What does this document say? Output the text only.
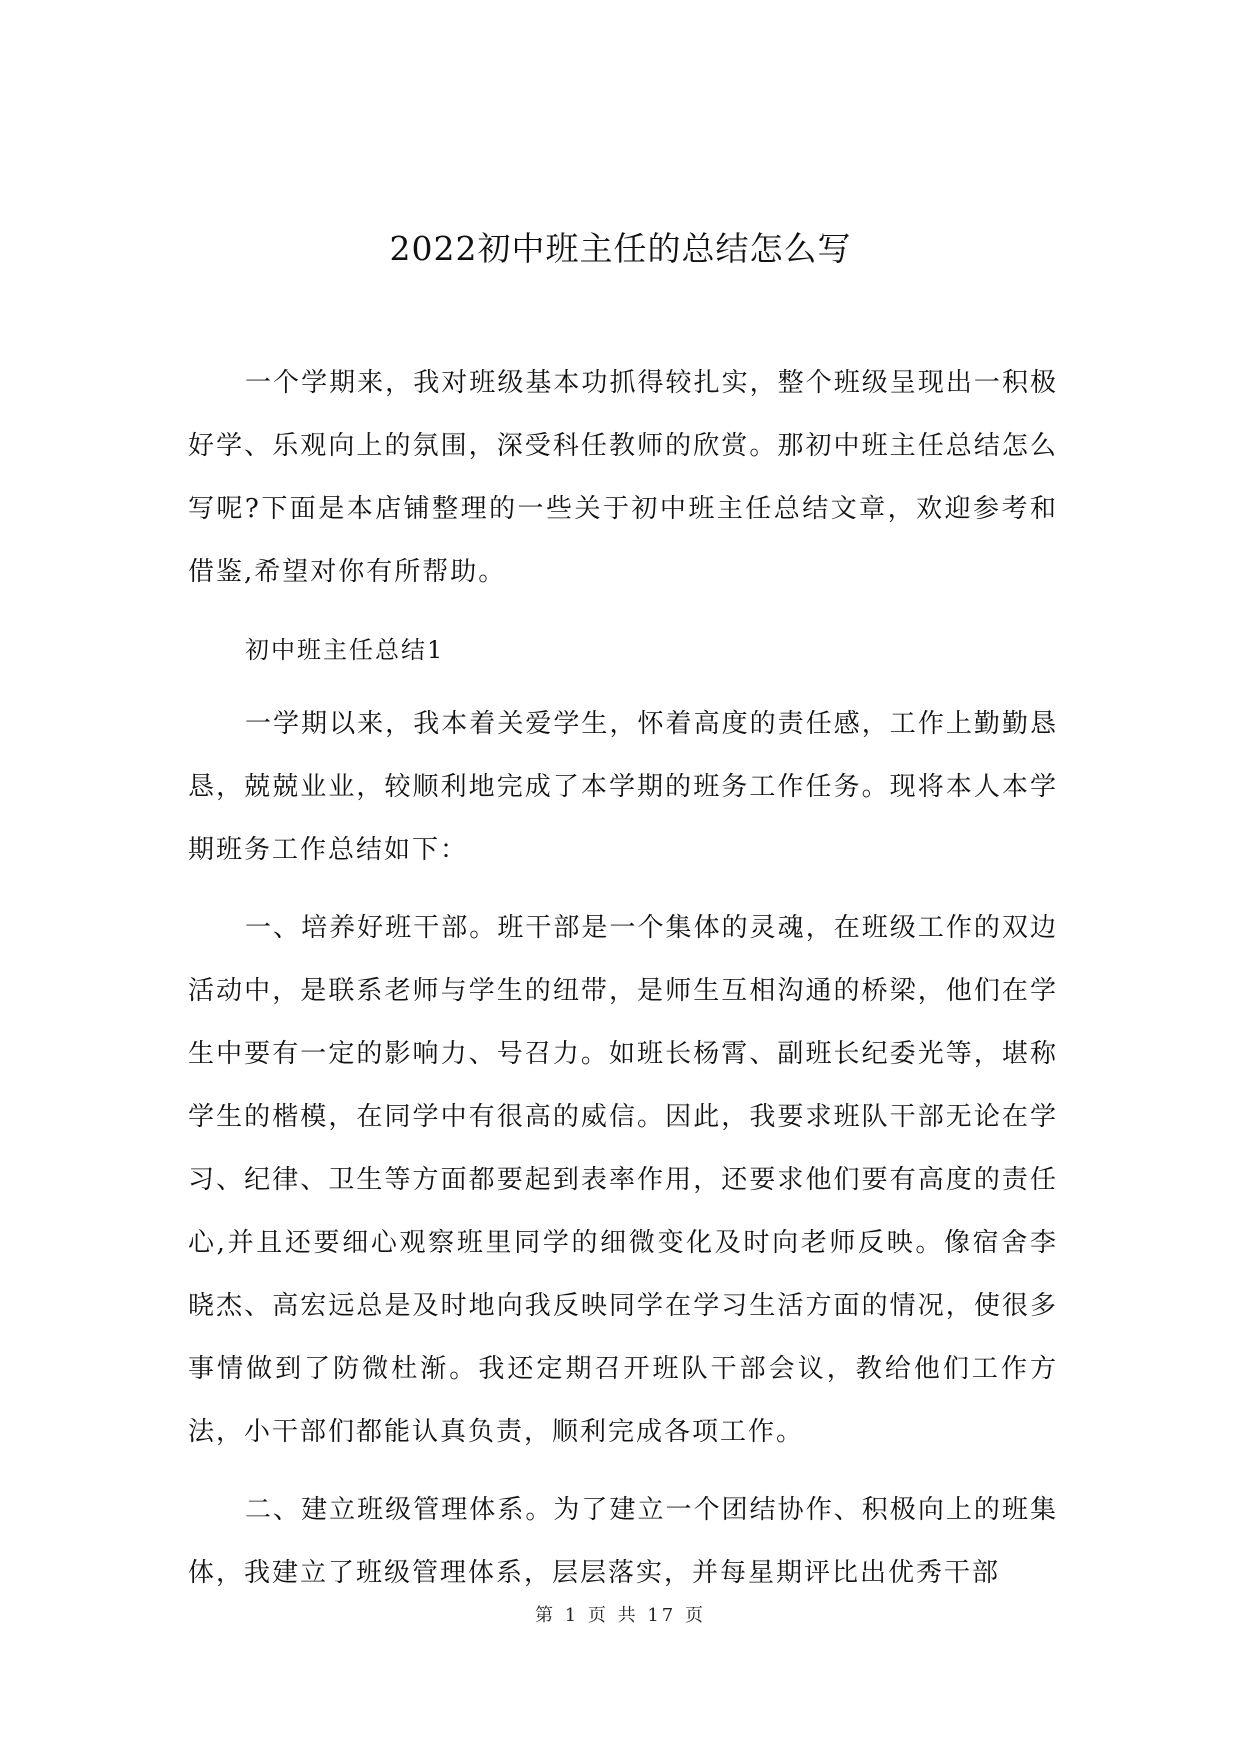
2022初中班主任的总结怎么写

一个学期来，我对班级基本功抓得较扎实，整个班级呈现出一积极好学、乐观向上的氛围，深受科任教师的欣赏。那初中班主任总结怎么写呢?下面是本店铺整理的一些关于初中班主任总结文章，欢迎参考和借鉴,希望对你有所帮助。

初中班主任总结1

一学期以来，我本着关爱学生，怀着高度的责任感，工作上勤勤恳恳，兢兢业业，较顺利地完成了本学期的班务工作任务。现将本人本学期班务工作总结如下：

一、培养好班干部。班干部是一个集体的灵魂，在班级工作的双边活动中，是联系老师与学生的纽带，是师生互相沟通的桥梁，他们在学生中要有一定的影响力、号召力。如班长杨霄、副班长纪委光等，堪称学生的楷模，在同学中有很高的威信。因此，我要求班队干部无论在学习、纪律、卫生等方面都要起到表率作用，还要求他们要有高度的责任心,并且还要细心观察班里同学的细微变化及时向老师反映。像宿舍李晓杰、高宏远总是及时地向我反映同学在学习生活方面的情况，使很多事情做到了防微杜渐。我还定期召开班队干部会议，教给他们工作方法，小干部们都能认真负责，顺利完成各项工作。

二、建立班级管理体系。为了建立一个团结协作、积极向上的班集体，我建立了班级管理体系，层层落实，并每星期评比出优秀干部

第 1 页 共 17 页
